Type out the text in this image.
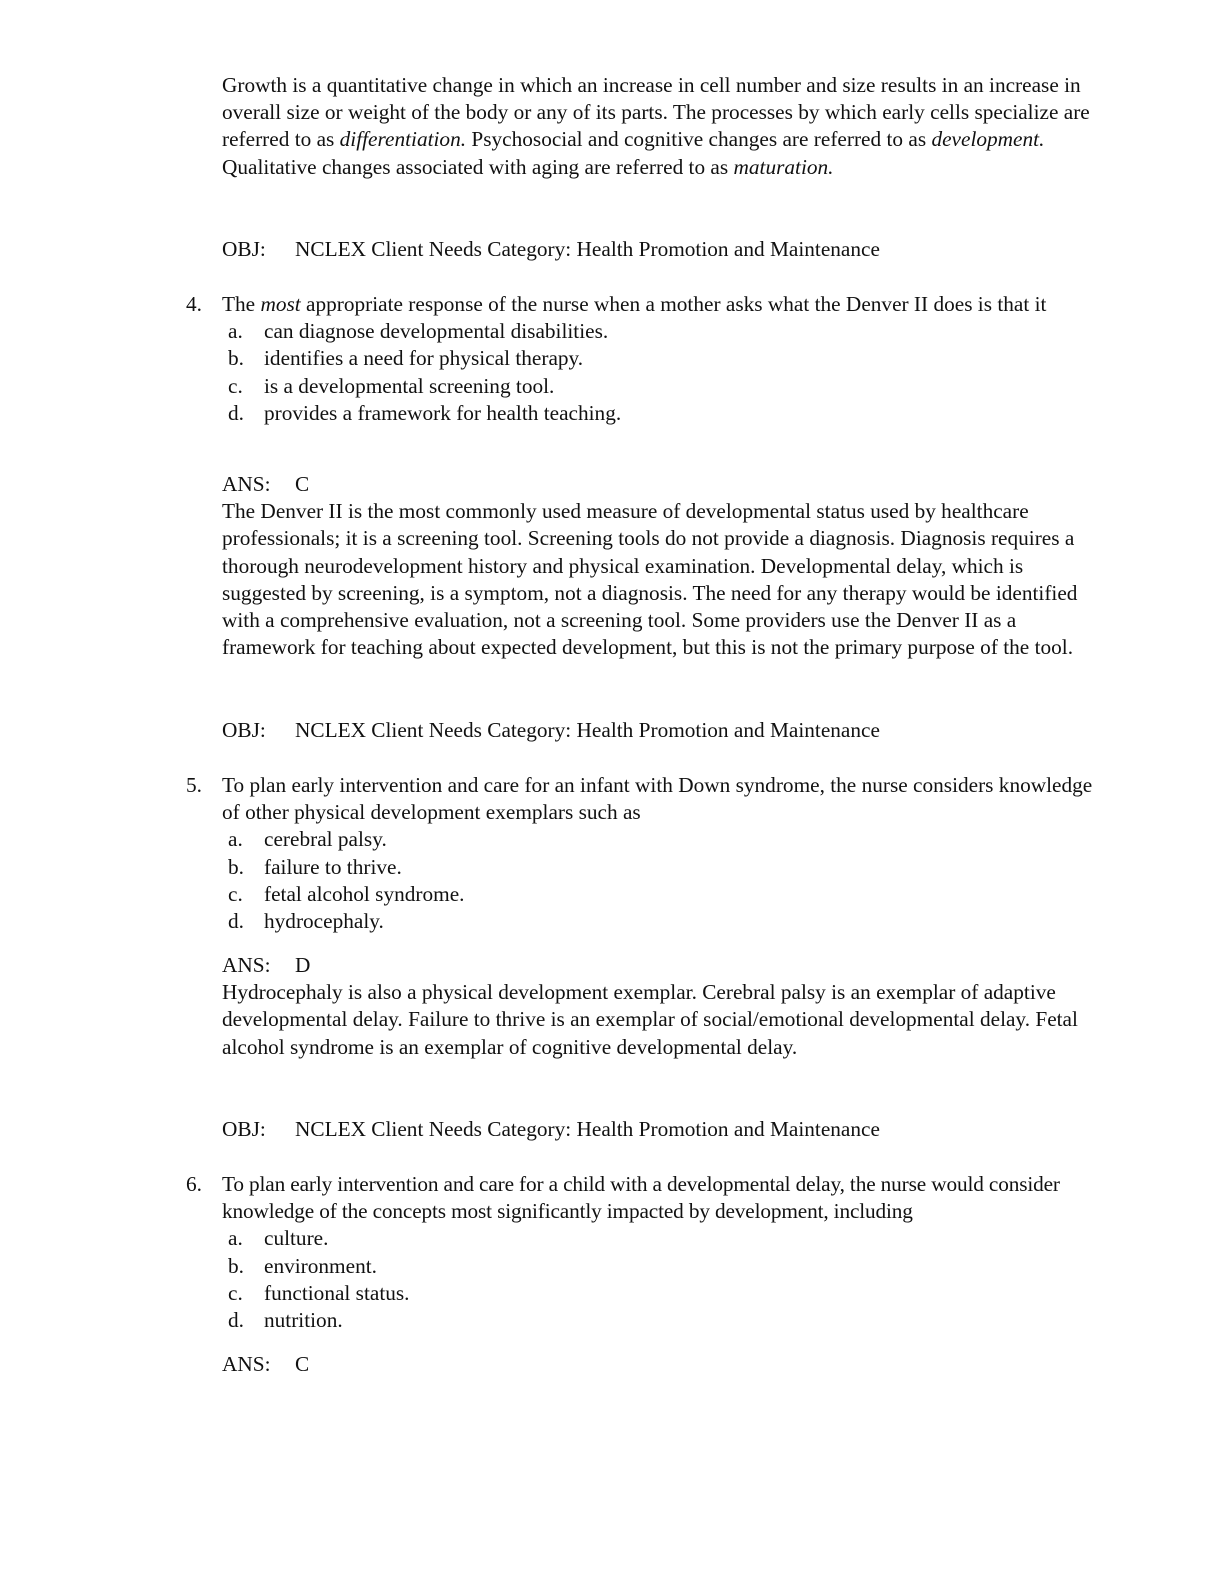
Growth is a quantitative change in which an increase in cell number and size results in an increase in overall size or weight of the body or any of its parts. The processes by which early cells specialize are referred to as differentiation. Psychosocial and cognitive changes are referred to as development. Qualitative changes associated with aging are referred to as maturation.

OBJ: NCLEX Client Needs Category: Health Promotion and Maintenance
4. The most appropriate response of the nurse when a mother asks what the Denver II does is that it
a. can diagnose developmental disabilities.
b. identifies a need for physical therapy.
c. is a developmental screening tool.
d. provides a framework for health teaching.
ANS: C

The Denver II is the most commonly used measure of developmental status used by healthcare professionals; it is a screening tool. Screening tools do not provide a diagnosis. Diagnosis requires a thorough neurodevelopment history and physical examination. Developmental delay, which is suggested by screening, is a symptom, not a diagnosis. The need for any therapy would be identified with a comprehensive evaluation, not a screening tool. Some providers use the Denver II as a framework for teaching about expected development, but this is not the primary purpose of the tool.

OBJ: NCLEX Client Needs Category: Health Promotion and Maintenance
5. To plan early intervention and care for an infant with Down syndrome, the nurse considers knowledge of other physical development exemplars such as
a. cerebral palsy.
b. failure to thrive.
c. fetal alcohol syndrome.
d. hydrocephaly.
ANS: D

Hydrocephaly is also a physical development exemplar. Cerebral palsy is an exemplar of adaptive developmental delay. Failure to thrive is an exemplar of social/emotional developmental delay. Fetal alcohol syndrome is an exemplar of cognitive developmental delay.

OBJ: NCLEX Client Needs Category: Health Promotion and Maintenance
6. To plan early intervention and care for a child with a developmental delay, the nurse would consider knowledge of the concepts most significantly impacted by development, including
a. culture.
b. environment.
c. functional status.
d. nutrition.
ANS: C
